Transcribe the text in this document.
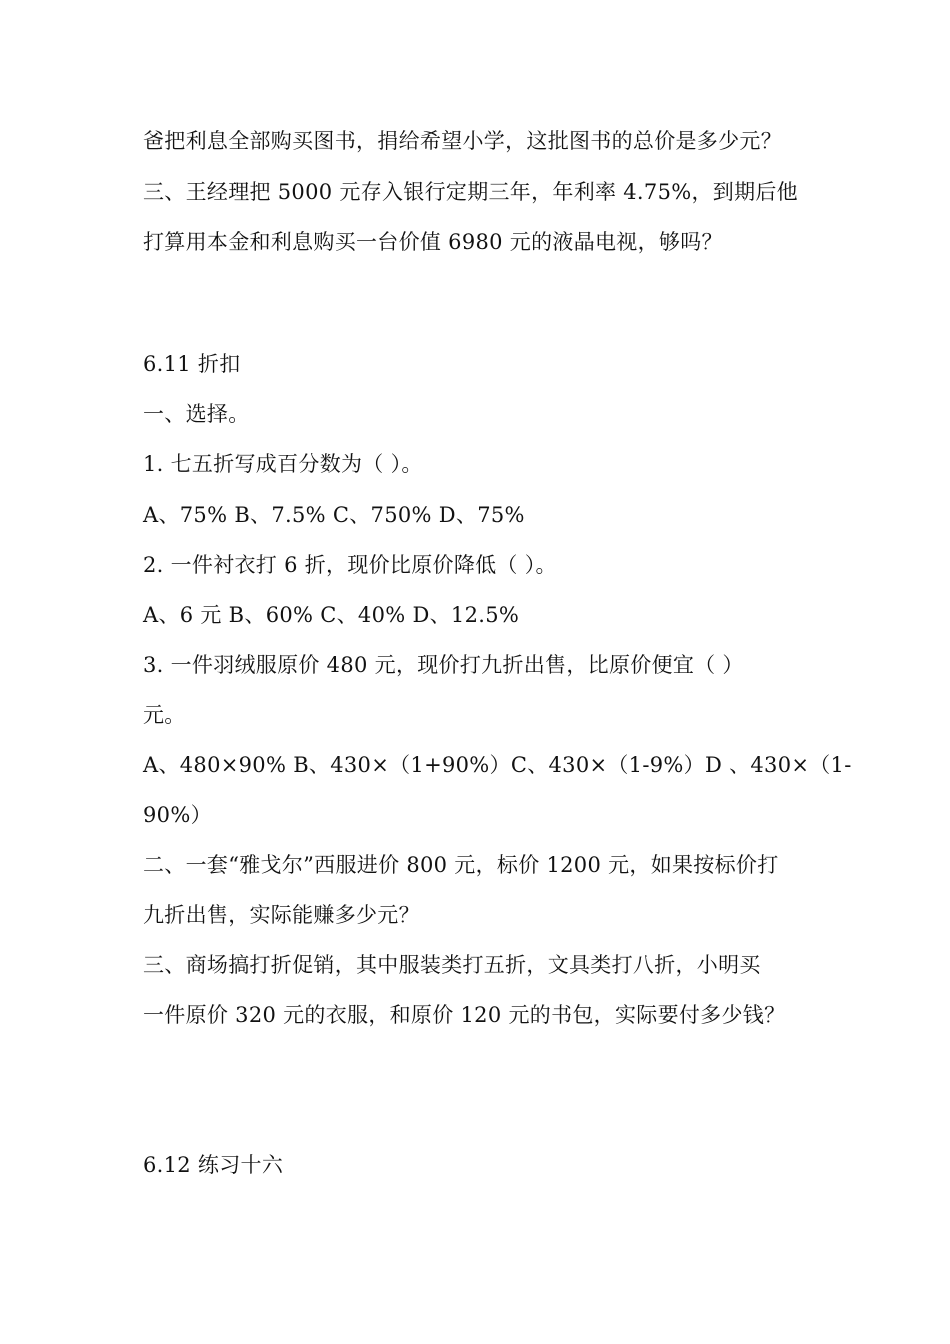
爸把利息全部购买图书，捐给希望小学，这批图书的总价是多少元？
三、王经理把 5000 元存入银行定期三年，年利率 4.75%，到期后他
打算用本金和利息购买一台价值 6980 元的液晶电视，够吗？
6.11 折扣
一、选择。
1. 七五折写成百分数为（ ）。
A、75% B、7.5% C、750% D、75%
2. 一件衬衣打 6 折，现价比原价降低（ ）。
A、6 元 B、60% C、40% D、12.5%
3. 一件羽绒服原价 480 元，现价打九折出售，比原价便宜（ ）
元。
A、480×90% B、430×（1+90%）C、430×（1-9%）D 、430×（1-
90%）
二、一套“雅戈尔”西服进价 800 元，标价 1200 元，如果按标价打
九折出售，实际能赚多少元？
三、商场搞打折促销，其中服装类打五折，文具类打八折，小明买
一件原价 320 元的衣服，和原价 120 元的书包，实际要付多少钱？
6.12 练习十六
